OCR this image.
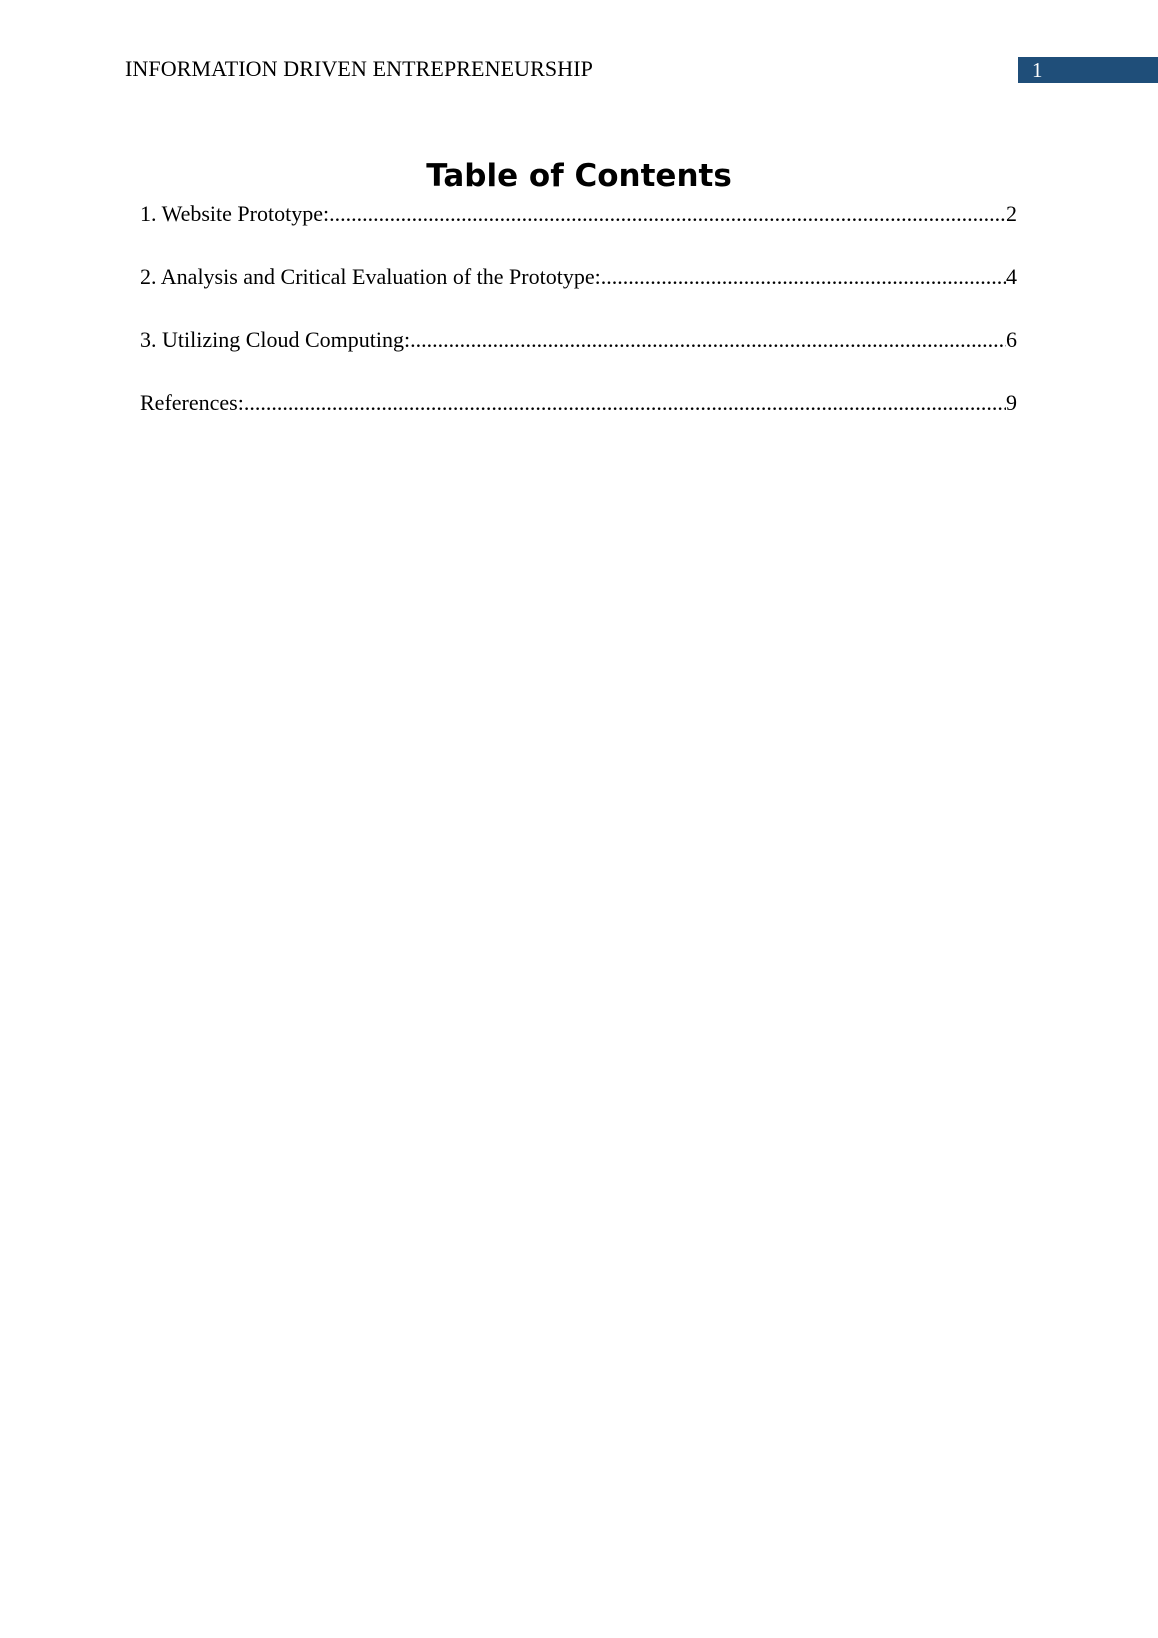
INFORMATION DRIVEN ENTREPRENEURSHIP	1
Table of Contents
1. Website Prototype: .....	2
2. Analysis and Critical Evaluation of the Prototype: .....	4
3. Utilizing Cloud Computing: .....	6
References: .....	9
